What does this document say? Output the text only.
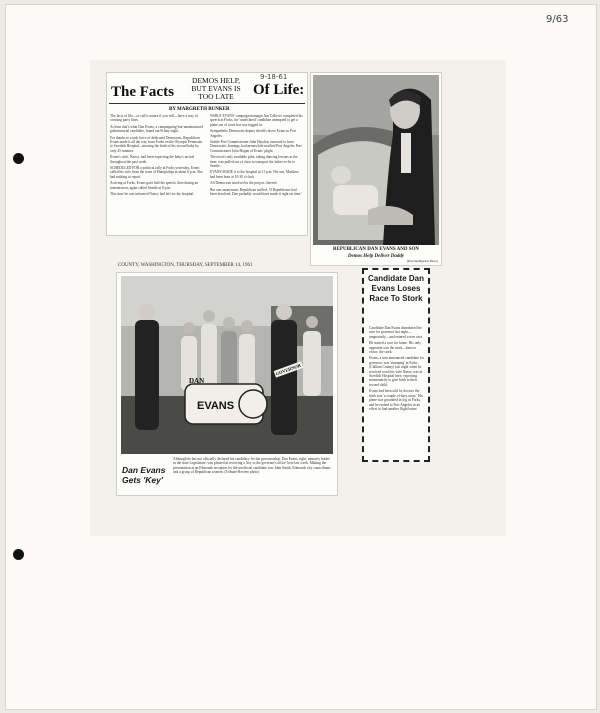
9/63
The Facts
DEMOS HELP, BUT EVANS IS TOO LATE	Of Life:
9-18-61
BY MARGRETH BUNKER

The facts of life—or call it nature if you will—have a way of crossing party lines.

At least that's what Dan Evans, a campaigning-but-unannounced gubernatorial candidate, found out Friday night.

For thanks to a task force of dedicated Democrats, Republican Evans made it all the way from Forks on the Olympic Peninsula to Swedish Hospital—missing the birth of his second baby by only 45 minutes.

Evans's wife, Nancy, had been expecting the baby's arrival throughout the past week.

SCHEDULED FOR a political rally at Forks yesterday, Evans called his wife from the town of Humptulips at about 6 p.m. She had nothing to report.

Arriving at Forks, Evans gave half his speech, then during an intermission, again called Seattle at 8 p.m.

This time he was informed Nancy had left for the hospital.

WHILE EVANS' campaign manager Jim Tollover completed his speech at Forks, the 'undeclared' candidate attempted to get a plane out of town but was fogged in.

Sympathetic Democrats deputy sheriffs drove Evans to Port Angeles.

Seattle Port Commissioner John Haydon, rumored to have Democratic leanings, had meanwhile notified Port Angeles Port Commissioner John Hogan of Evans' plight.

The town's only available pilot, taking dancing lessons at the time, was pulled out of class to transport the father-to-be to Seattle.

EVANS MADE it to the hospital at 11 p.m. His son, Matthew, had been born at 10:30 o'clock.

All Democrats involved in the project cheered.

But one anonymous Republican sniffed: 'If Republicans had been involved, Dan probably would have made it right on time.'

REPUBLICAN DAN EVANS AND SON
Demos Help Deliver Daddy
(Post-Intelligencer Photo)
COUNTY, WASHINGTON, THURSDAY, SEPTEMBER 14, 1961
DAN
EVANS
GOVERNOR
Dan Evans Gets 'Key'
Although he has not officially declared his candidacy for the governorship, Dan Evans, right, minority leader in the state Legislature, was pleased at receiving a 'key to the governor's office' here last week. Making the presentation at an Edmonds reception for the unofficial candidate was John Smith, Edmonds city councilman, and a group of Republican women. (Tribune-Review photo)
Candidate Dan Evans Loses Race To Stork

Candidate Dan Evans abandoned the race for governor last night—temporarily—and entered a new race.

He started a race for home. His only opponent was the stork—known victor, the stork.

Evans, a sent announced candidate for governor, was 'stumping' in Forks (Clallam County) last night when he received word his wife Nancy was in Swedish Hospital here, expecting momentarily to give birth to their second child.

Evans had been told by doctors the birth was 'a couple of days away.' His plane was grounded in fog in Forks, and he rushed to Port Angeles in an effort to find another flight home.
